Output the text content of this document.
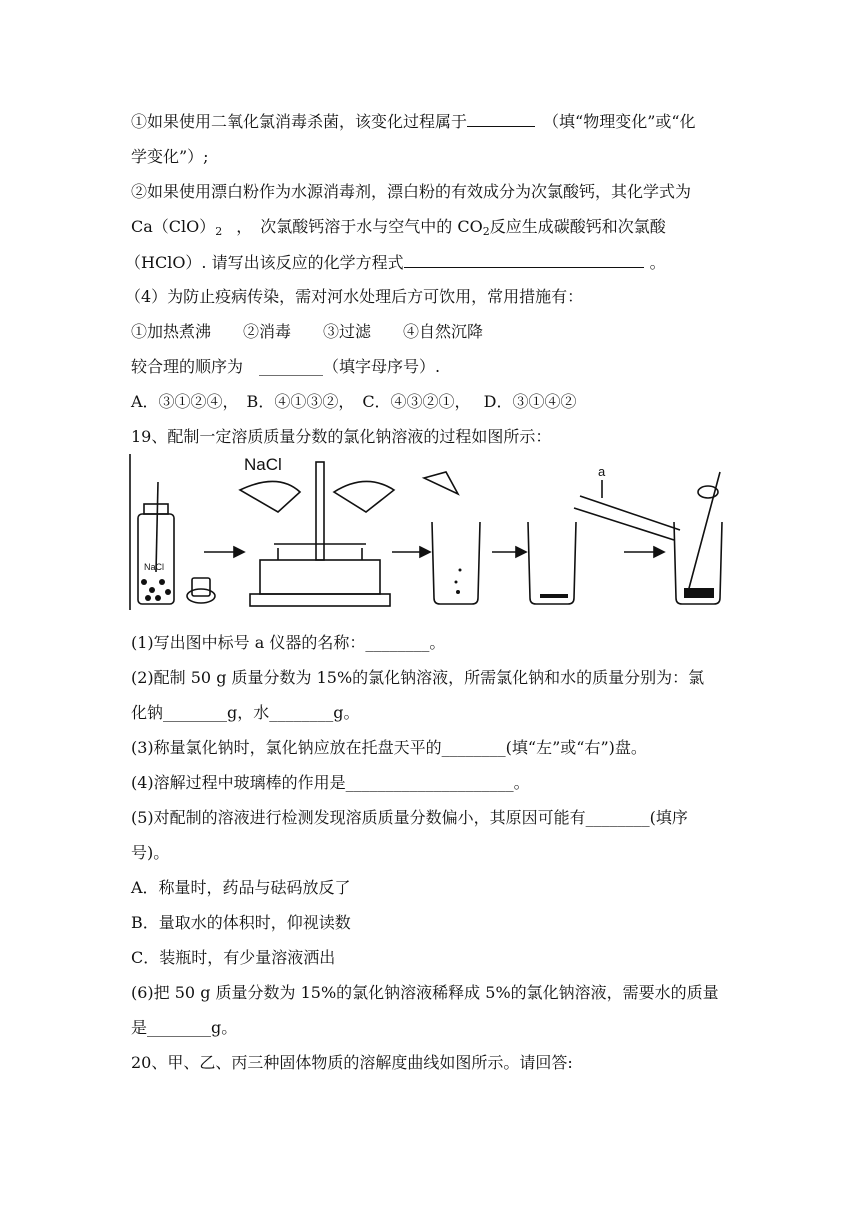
①如果使用二氧化氯消毒杀菌，该变化过程属于	（填“物理变化”或“化
学变化”）;
②如果使用漂白粉作为水源消毒剂，漂白粉的有效成分为次氯酸钙，其化学式为
$Ca(ClO)_2$ ，　次氯酸钙溶于水与空气中的 $CO_2$反应生成碳酸钙和次氯酸
（HClO）. 请写出该反应的化学方程式	。
（4）为防止疫病传染，需对河水处理后方可饮用，常用措施有：
①加热煮沸　　②消毒　　③过滤　　④自然沉降
较合理的顺序为　________（填字母序号）.
A．③①②④，　B．④①③②，　C．④③②①，　 D．③①④②
19、配制一定溶质质量分数的氯化钠溶液的过程如图所示：
NaCl
NaCl
a
(1)写出图中标号 a 仪器的名称：________。
(2)配制 50 g 质量分数为 15%的氯化钠溶液，所需氯化钠和水的质量分别为：氯
化钠________g，水________g。
(3)称量氯化钠时，氯化钠应放在托盘天平的________(填“左”或“右”)盘。
(4)溶解过程中玻璃棒的作用是_____________________。
(5)对配制的溶液进行检测发现溶质质量分数偏小，其原因可能有________(填序
号)。
A．称量时，药品与砝码放反了
B．量取水的体积时，仰视读数
C．装瓶时，有少量溶液洒出
(6)把 50 g 质量分数为 15%的氯化钠溶液稀释成 5%的氯化钠溶液，需要水的质量
是________g。
20、甲、乙、丙三种固体物质的溶解度曲线如图所示。请回答:
